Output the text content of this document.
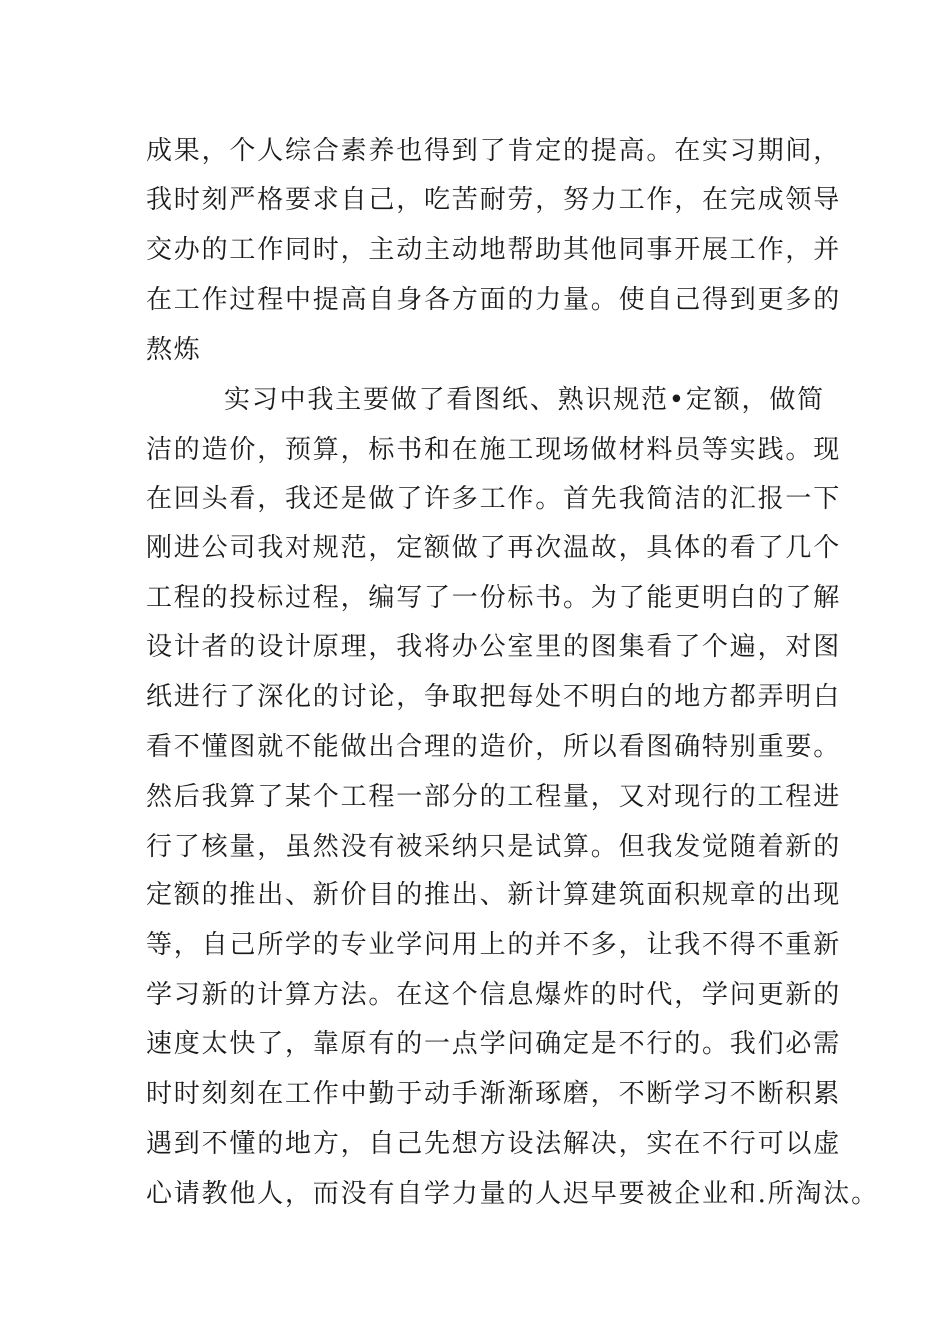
成果，个人综合素养也得到了肯定的提高。在实习期间，
我时刻严格要求自己，吃苦耐劳，努力工作，在完成领导
交办的工作同时，主动主动地帮助其他同事开展工作，并
在工作过程中提高自身各方面的力量。使自己得到更多的
熬炼
实习中我主要做了看图纸、熟识规范•定额，做简
洁的造价，预算，标书和在施工现场做材料员等实践。现
在回头看，我还是做了许多工作。首先我简洁的汇报一下
刚进公司我对规范，定额做了再次温故，具体的看了几个
工程的投标过程，编写了一份标书。为了能更明白的了解
设计者的设计原理，我将办公室里的图集看了个遍，对图
纸进行了深化的讨论，争取把每处不明白的地方都弄明白
看不懂图就不能做出合理的造价，所以看图确特别重要。
然后我算了某个工程一部分的工程量，又对现行的工程进
行了核量，虽然没有被采纳只是试算。但我发觉随着新的
定额的推出、新价目的推出、新计算建筑面积规章的出现
等，自己所学的专业学问用上的并不多，让我不得不重新
学习新的计算方法。在这个信息爆炸的时代，学问更新的
速度太快了，靠原有的一点学问确定是不行的。我们必需
时时刻刻在工作中勤于动手渐渐琢磨，不断学习不断积累
遇到不懂的地方，自己先想方设法解决，实在不行可以虚
心请教他人，而没有自学力量的人迟早要被企业和.所淘汰。
